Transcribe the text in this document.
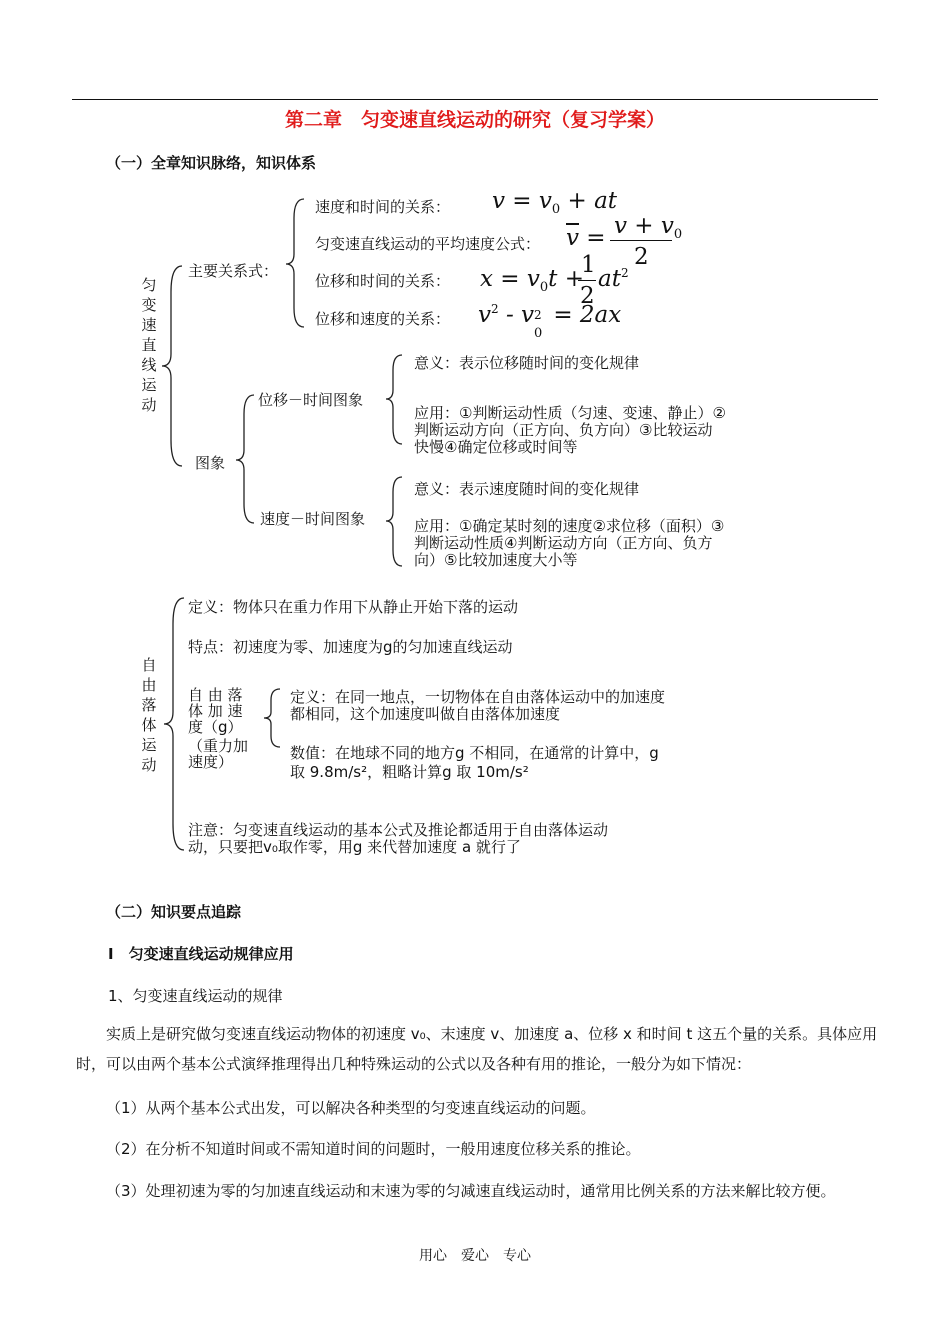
第二章　匀变速直线运动的研究（复习学案）
（一）全章知识脉络，知识体系
匀变速直线运动
主要关系式：
速度和时间的关系： $v = v_0$ + at
匀变速直线运动的平均速度公式： $\overline{v} = v + v_0$
2
位移和时间的关系： $x = v_0t$ +
1
2
$at^2$
位移和速度的关系： $v^2$ - v 2
0
= 2ax
图象
位移－时间图象
意义：表示位移随时间的变化规律
应用：①判断运动性质（匀速、变速、静止）②
判断运动方向（正方向、负方向）③比较运动
快慢④确定位移或时间等
速度－时间图象
意义：表示速度随时间的变化规律
应用：①确定某时刻的速度②求位移（面积）③
判断运动性质④判断运动方向（正方向、负方
向）⑤比较加速度大小等
自由落体运动
定义：物体只在重力作用下从静止开始下落的运动
特点：初速度为零、加速度为g的匀加速直线运动
自 由 落
体 加 速
度（g）
（重力加
速度）
定义：在同一地点，一切物体在自由落体运动中的加速度
都相同，这个加速度叫做自由落体加速度
数值：在地球不同的地方g 不相同，在通常的计算中，g
取 9.8m/s²，粗略计算g 取 10m/s²
注意：匀变速直线运动的基本公式及推论都适用于自由落体运动
动，只要把v₀取作零，用g 来代替加速度 a 就行了
（二）知识要点追踪
Ⅰ　匀变速直线运动规律应用
1、匀变速直线运动的规律
实质上是研究做匀变速直线运动物体的初速度 v₀、末速度 v、加速度 a、位移 x 和时间 t 这五个量的关系。具体应用时，可以由两个基本公式演绎推理得出几种特殊运动的公式以及各种有用的推论，一般分为如下情况：
（1）从两个基本公式出发，可以解决各种类型的匀变速直线运动的问题。
（2）在分析不知道时间或不需知道时间的问题时，一般用速度位移关系的推论。
（3）处理初速为零的匀加速直线运动和末速为零的匀减速直线运动时，通常用比例关系的方法来解比较方便。
用心　爱心　专心
